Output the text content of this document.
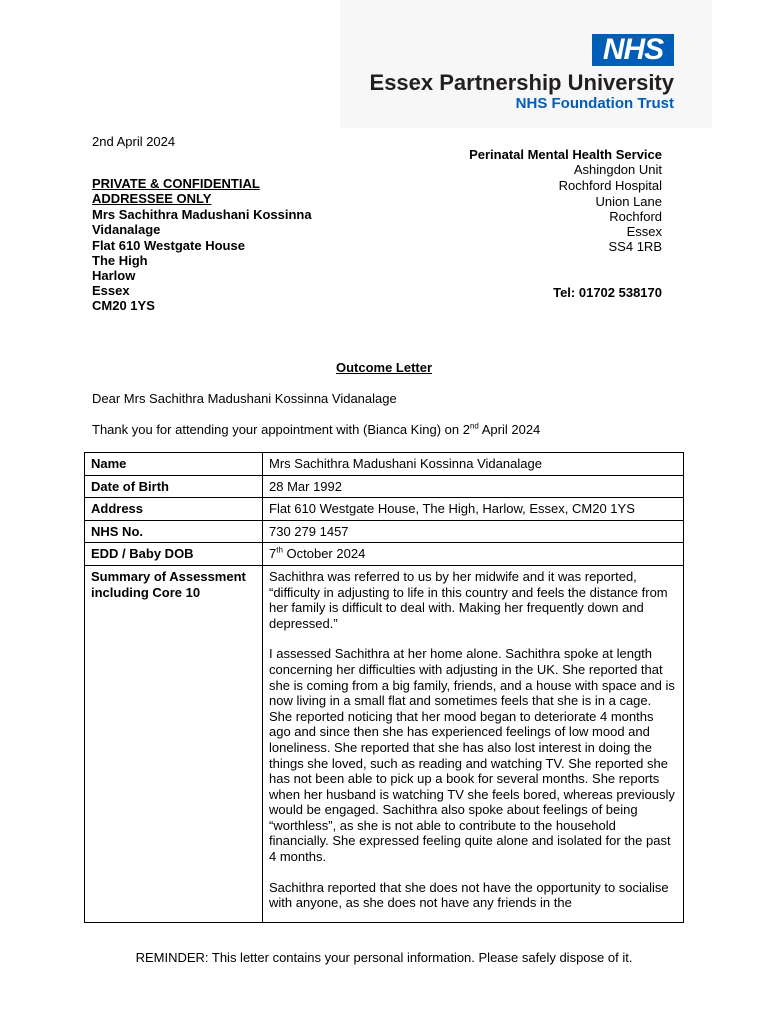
NHS
Essex Partnership University
NHS Foundation Trust
2nd April 2024
PRIVATE & CONFIDENTIAL
ADDRESSEE ONLY
Mrs Sachithra Madushani Kossinna
Vidanalage
Flat 610 Westgate House
The High
Harlow
Essex
CM20 1YS
Perinatal Mental Health Service
Ashingdon Unit
Rochford Hospital
Union Lane
Rochford
Essex
SS4 1RB
Tel: 01702 538170
Outcome Letter
Dear Mrs Sachithra Madushani Kossinna Vidanalage
Thank you for attending your appointment with (Bianca King) on 2nd April 2024
Name	Mrs Sachithra Madushani Kossinna Vidanalage
Date of Birth	28 Mar 1992
Address	Flat 610 Westgate House, The High, Harlow, Essex, CM20 1YS
NHS No.	730 279 1457
EDD / Baby DOB	7th October 2024
Summary of Assessment including Core 10	Sachithra was referred to us by her midwife and it was reported, “difficulty in adjusting to life in this country and feels the distance from her family is difficult to deal with. Making her frequently down and depressed.”

I assessed Sachithra at her home alone. Sachithra spoke at length concerning her difficulties with adjusting in the UK. She reported that she is coming from a big family, friends, and a house with space and is now living in a small flat and sometimes feels that she is in a cage. She reported noticing that her mood began to deteriorate 4 months ago and since then she has experienced feelings of low mood and loneliness. She reported that she has also lost interest in doing the things she loved, such as reading and watching TV. She reported she has not been able to pick up a book for several months. She reports when her husband is watching TV she feels bored, whereas previously would be engaged. Sachithra also spoke about feelings of being “worthless”, as she is not able to contribute to the household financially. She expressed feeling quite alone and isolated for the past 4 months.

Sachithra reported that she does not have the opportunity to socialise with anyone, as she does not have any friends in the

REMINDER: This letter contains your personal information. Please safely dispose of it.
